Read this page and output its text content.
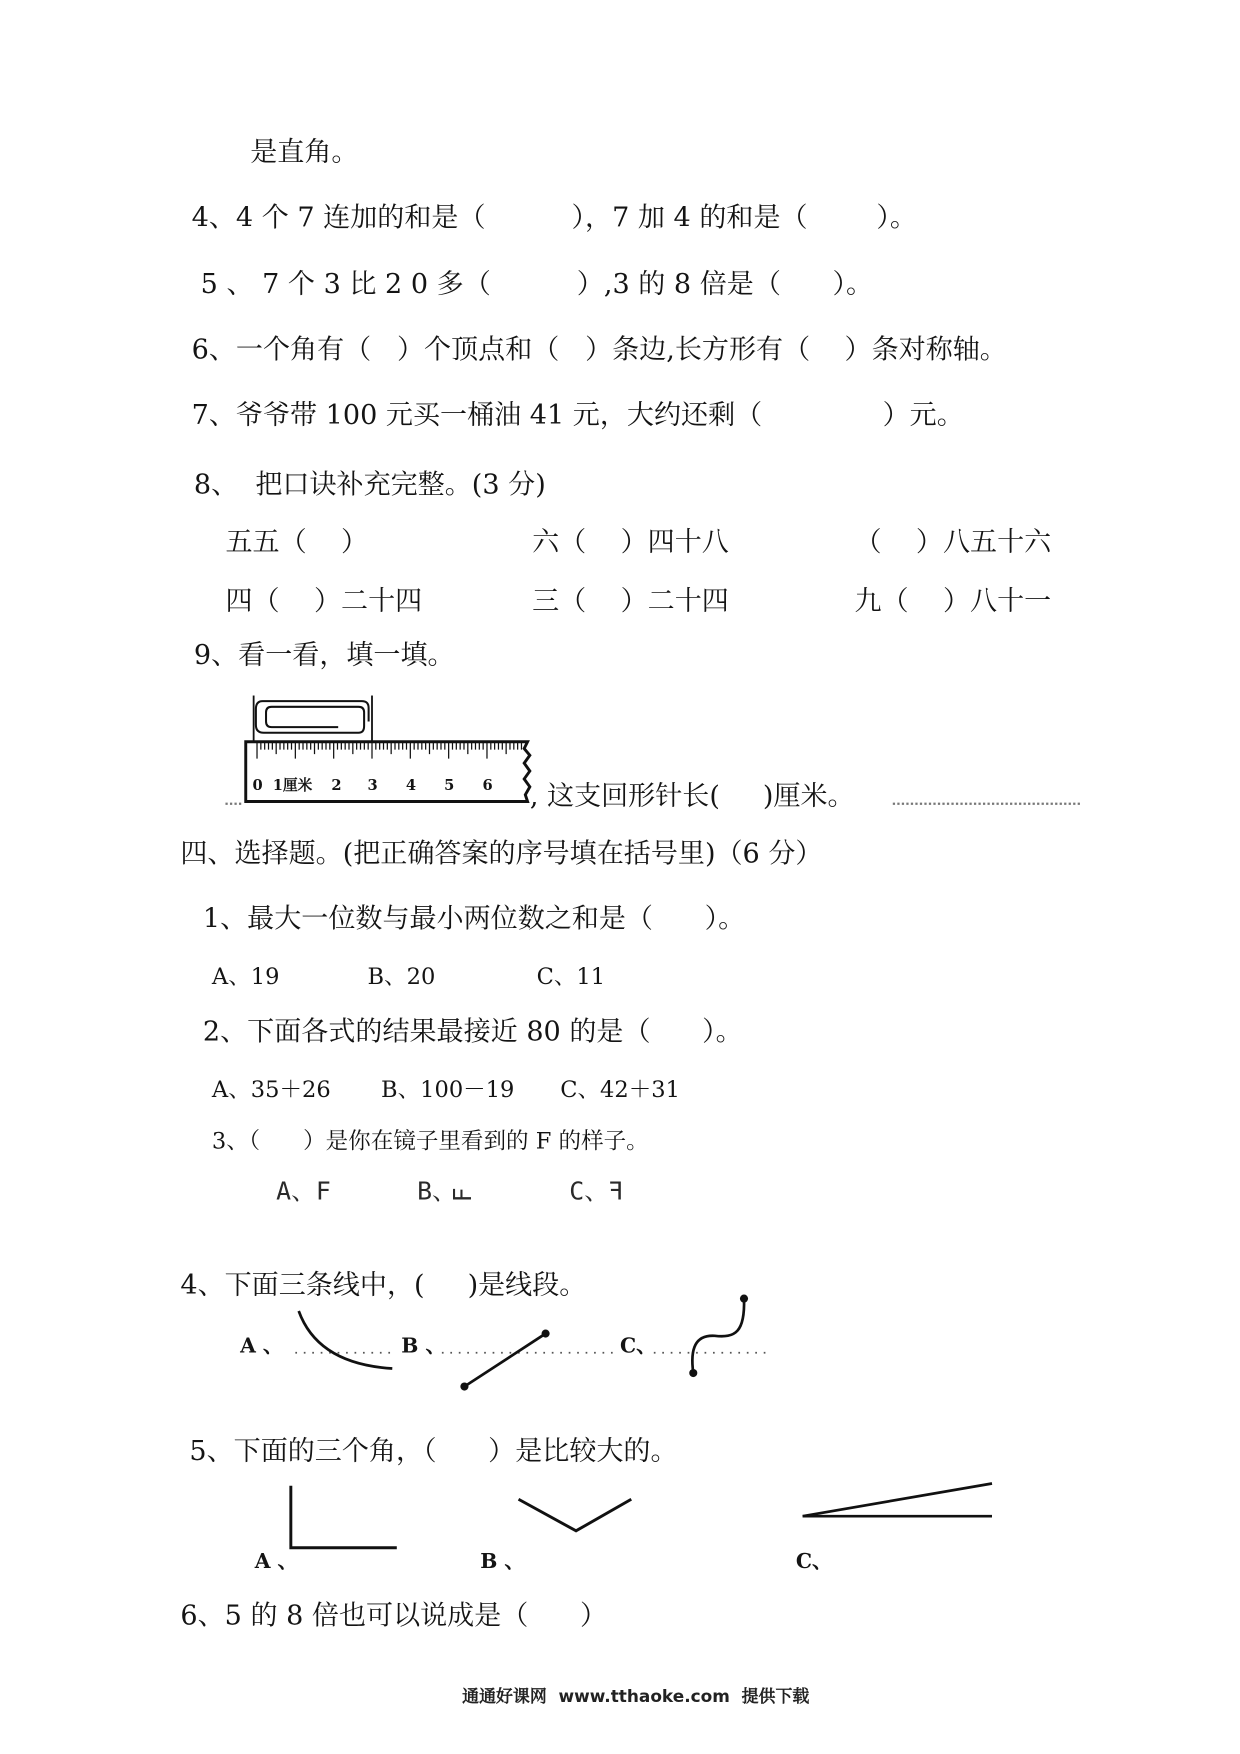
是直角。
4、4 个 7 连加的和是（          ），7 加 4 的和是（        ）。
5 、 7 个 3 比 2 0 多（          ）,3 的 8 倍是（      ）。
6、一个角有（   ）个顶点和（   ）条边,长方形有（    ）条对称轴。
7、爷爷带 100 元买一桶油 41 元，大约还剩（              ）元。
8、  把口诀补充完整。(3 分)
五五（    ）	六（    ）四十八	（    ）八五十六
四（    ）二十四	三（    ）二十四	九（    ）八十一
9、看一看，填一填。
0 1厘米 2 3 4 5 6 , 这支回形针长(     )厘米。
四、选择题。(把正确答案的序号填在括号里)（6 分）
1、最大一位数与最小两位数之和是（      ）。
A、19	B、20	C、11
2、下面各式的结果最接近 80 的是（      ）。
A、35＋26	B、100－19 C、42＋31
3、（      ）是你在镜子里看到的 F 的样子。
A、F	B、F	C、F
4、下面三条线中，(     )是线段。
A 、	B 、	C、
5、下面的三个角，（      ）是比较大的。
A 、	B 、	C、
6、5 的 8 倍也可以说成是（      ）
通通好课网  www.tthaoke.com  提供下载
